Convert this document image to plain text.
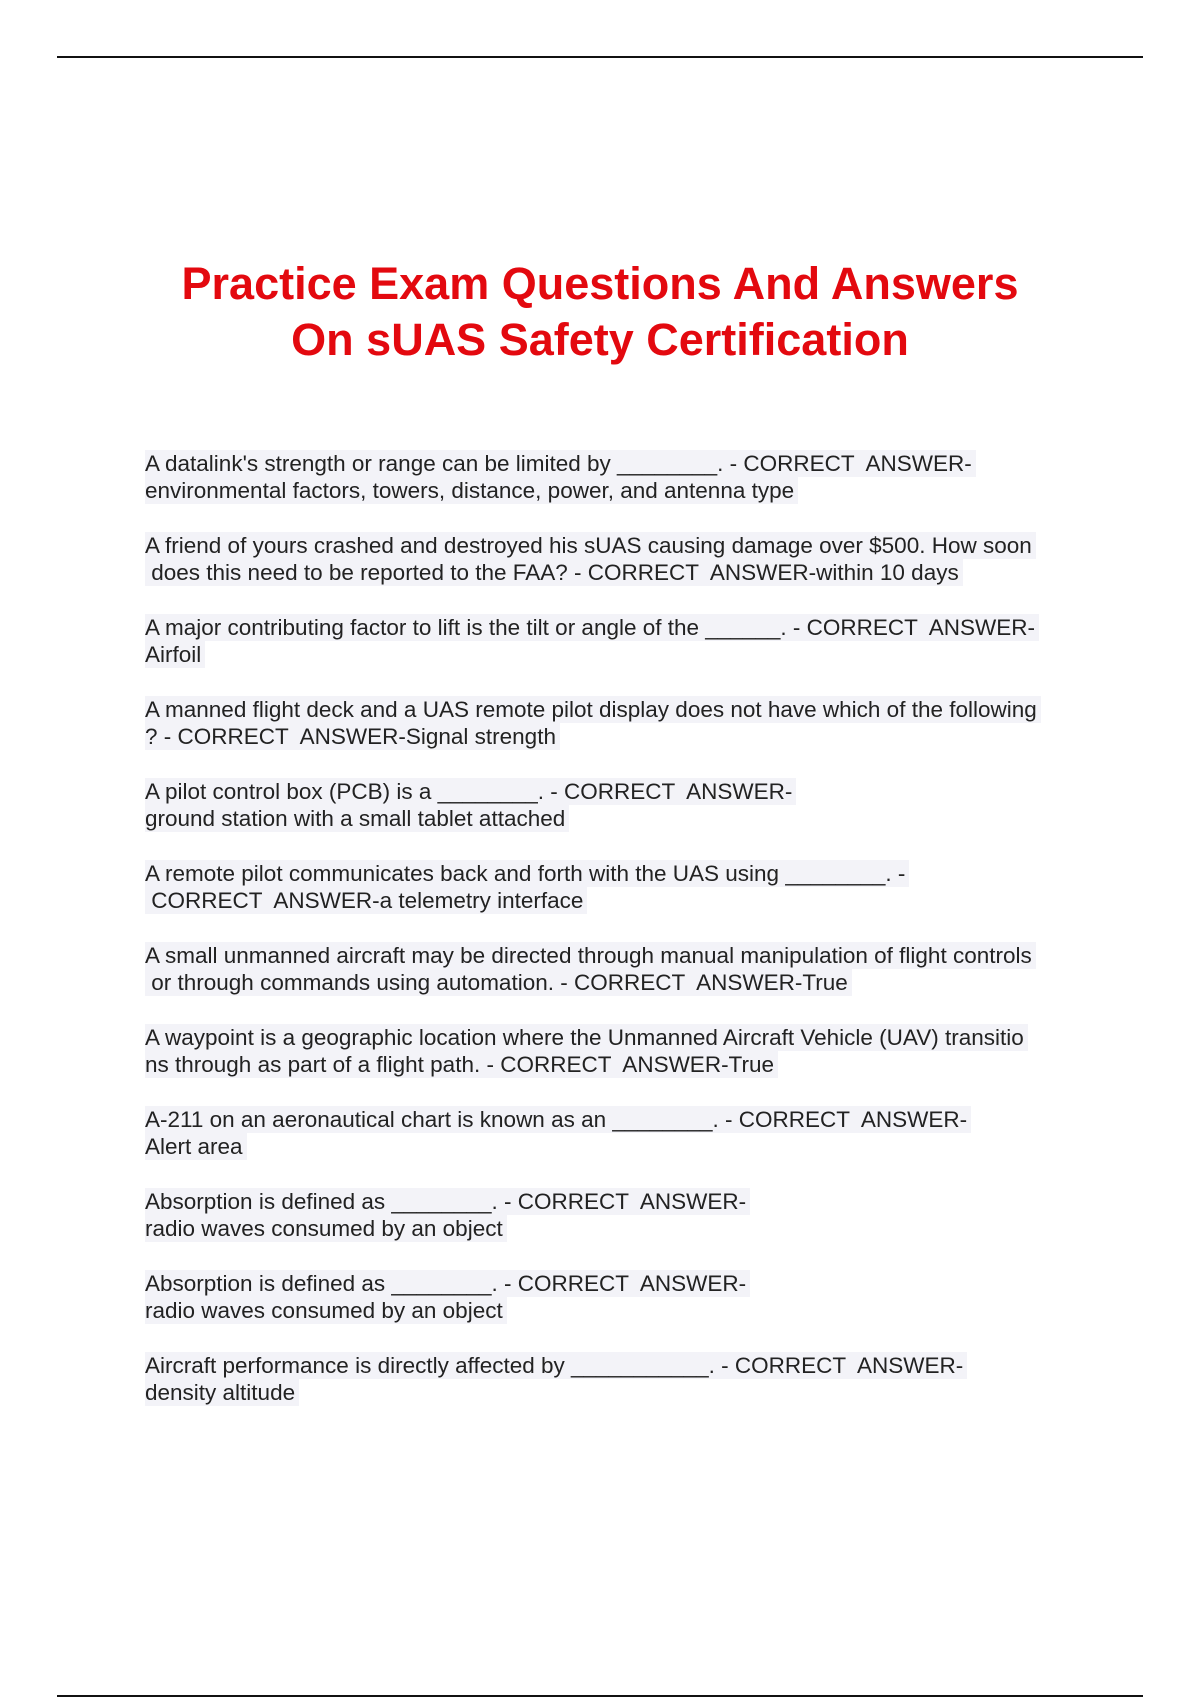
Practice Exam Questions And Answers
On sUAS Safety Certification
A datalink's strength or range can be limited by ________. - CORRECT  ANSWER-
environmental factors, towers, distance, power, and antenna type
A friend of yours crashed and destroyed his sUAS causing damage over $500. How soon
does this need to be reported to the FAA? - CORRECT  ANSWER-within 10 days
A major contributing factor to lift is the tilt or angle of the ______. - CORRECT  ANSWER-
Airfoil
A manned flight deck and a UAS remote pilot display does not have which of the following
? - CORRECT  ANSWER-Signal strength
A pilot control box (PCB) is a ________. - CORRECT  ANSWER-
ground station with a small tablet attached
A remote pilot communicates back and forth with the UAS using ________. -
CORRECT  ANSWER-a telemetry interface
A small unmanned aircraft may be directed through manual manipulation of flight controls
or through commands using automation. - CORRECT  ANSWER-True
A waypoint is a geographic location where the Unmanned Aircraft Vehicle (UAV) transitio
ns through as part of a flight path. - CORRECT  ANSWER-True
A-211 on an aeronautical chart is known as an ________. - CORRECT  ANSWER-
Alert area
Absorption is defined as ________. - CORRECT  ANSWER-
radio waves consumed by an object
Absorption is defined as ________. - CORRECT  ANSWER-
radio waves consumed by an object
Aircraft performance is directly affected by ___________. - CORRECT  ANSWER-
density altitude
